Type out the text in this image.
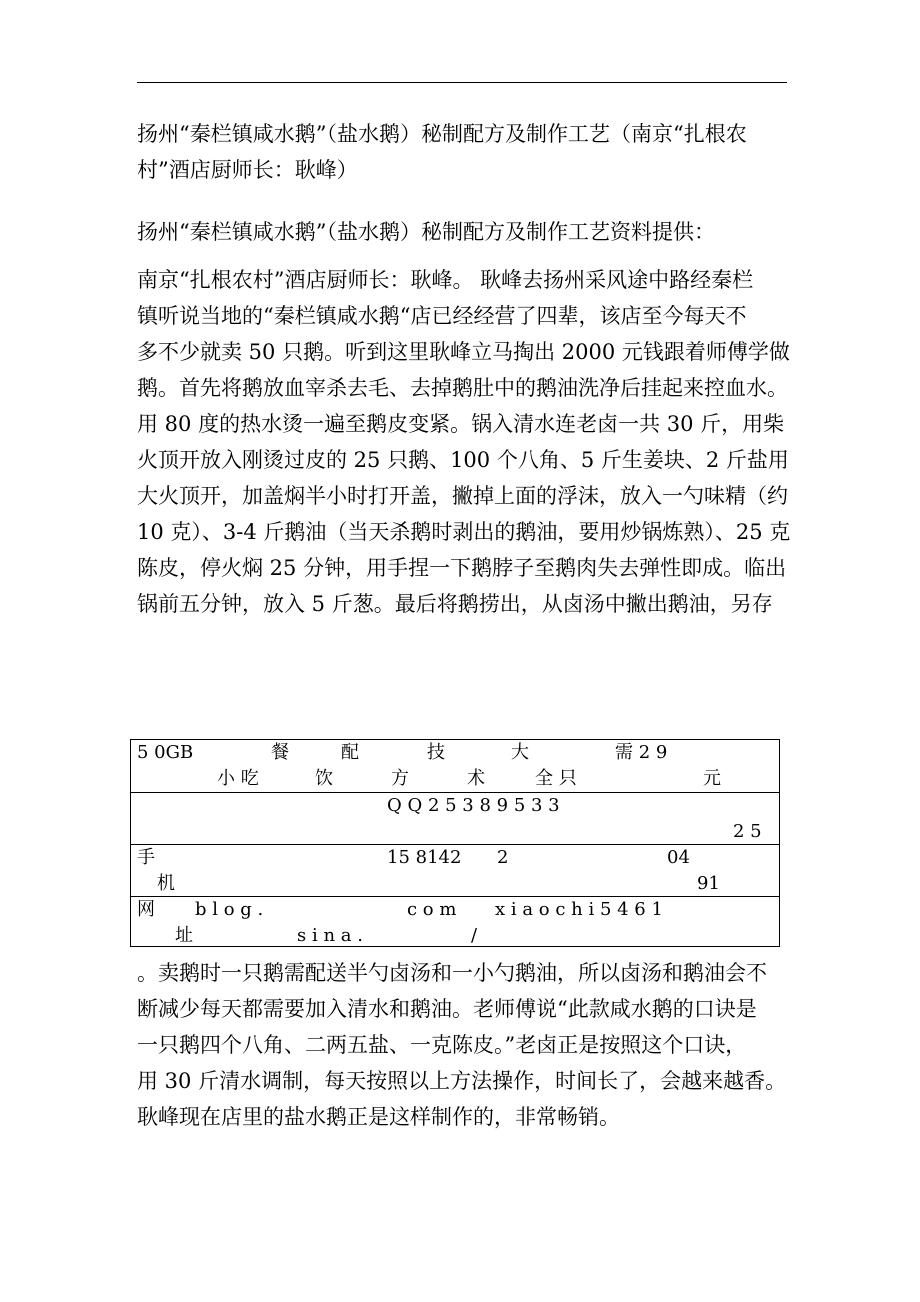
扬州“秦栏镇咸水鹅”（盐水鹅）秘制配方及制作工艺（南京“扎根农
村”酒店厨师长：耿峰）

扬州“秦栏镇咸水鹅”（盐水鹅）秘制配方及制作工艺资料提供：

南京“扎根农村”酒店厨师长：耿峰。 耿峰去扬州采风途中路经秦栏
镇听说当地的“秦栏镇咸水鹅“店已经经营了四辈，该店至今每天不
多不少就卖 50 只鹅。听到这里耿峰立马掏出 2000 元钱跟着师傅学做
鹅。首先将鹅放血宰杀去毛、去掉鹅肚中的鹅油洗净后挂起来控血水。
用 80 度的热水烫一遍至鹅皮变紧。锅入清水连老卤一共 30 斤，用柴
火顶开放入刚烫过皮的 25 只鹅、100 个八角、5 斤生姜块、2 斤盐用
大火顶开，加盖焖半小时打开盖，撇掉上面的浮沫，放入一勺味精（约
10 克）、3-4 斤鹅油（当天杀鹅时剥出的鹅油，要用炒锅炼熟）、25 克
陈皮，停火焖 25 分钟，用手捏一下鹅脖子至鹅肉失去弹性即成。临出
锅前五分钟，放入 5 斤葱。最后将鹅捞出，从卤汤中撇出鹅油，另存

5 0GB	餐	配	技	大	需 2 9
小 吃	饮	方	术	全 只	元
Q Q 2 5 3 8 9 5 3 3
2 5
手	15 8142 2	04
机	91
网 b l o g .	c o m x i a o c h i 5 4 6 1
址	s i n a .	/

。卖鹅时一只鹅需配送半勺卤汤和一小勺鹅油，所以卤汤和鹅油会不
断减少每天都需要加入清水和鹅油。老师傅说“此款咸水鹅的口诀是
一只鹅四个八角、二两五盐、一克陈皮。”老卤正是按照这个口诀，
用 30 斤清水调制，每天按照以上方法操作，时间长了，会越来越香。
耿峰现在店里的盐水鹅正是这样制作的，非常畅销。
